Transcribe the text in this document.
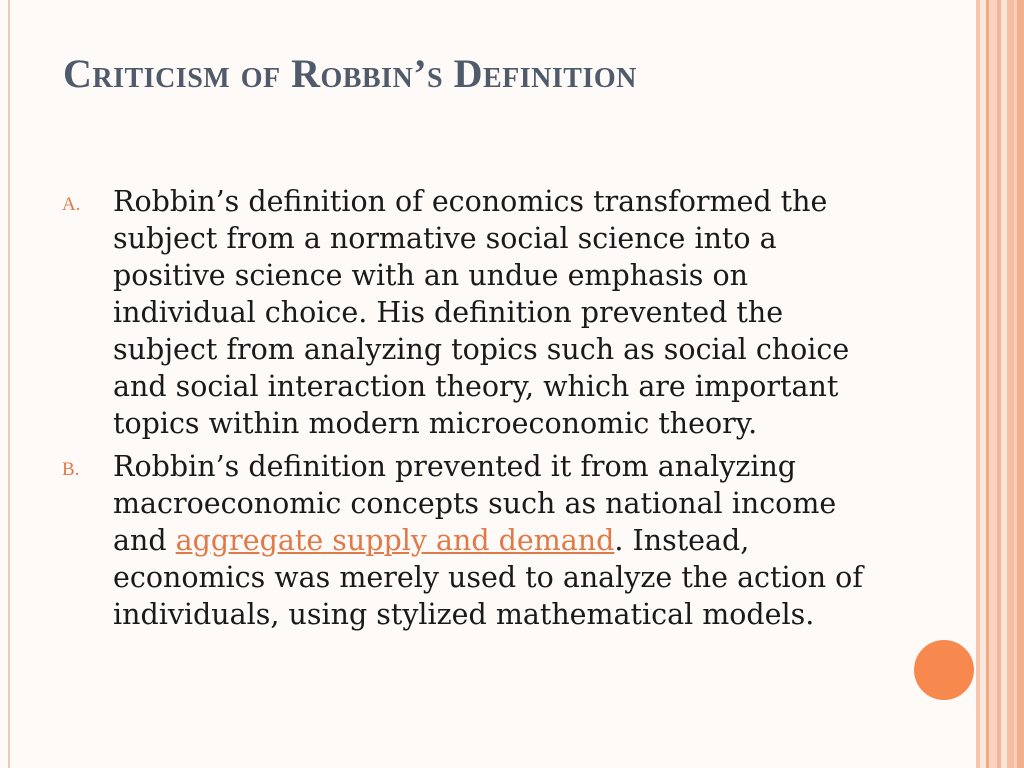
Criticism of Robbin’s Definition
A. Robbin’s definition of economics transformed the subject from a normative social science into a positive science with an undue emphasis on individual choice. His definition prevented the subject from analyzing topics such as social choice and social interaction theory, which are important topics within modern microeconomic theory.
B. Robbin’s definition prevented it from analyzing macroeconomic concepts such as national income and aggregate supply and demand. Instead, economics was merely used to analyze the action of individuals, using stylized mathematical models.
